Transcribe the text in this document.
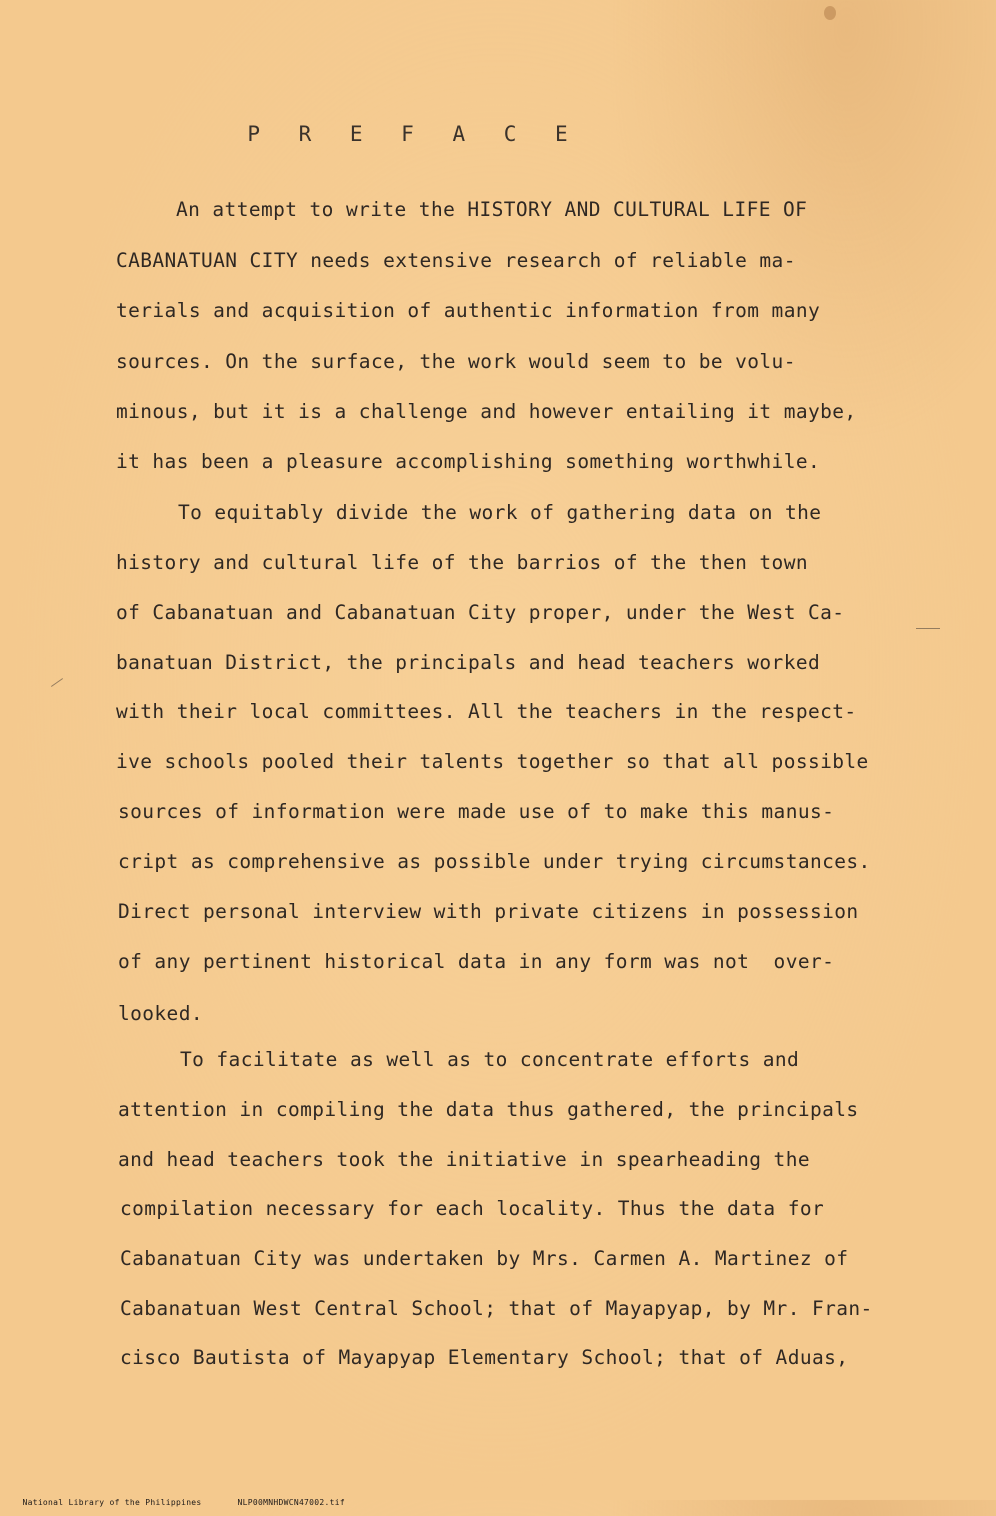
P R E F A C E
An attempt to write the HISTORY AND CULTURAL LIFE OF
CABANATUAN CITY needs extensive research of reliable ma-
terials and acquisition of authentic information from many
sources. On the surface, the work would seem to be volu-
minous, but it is a challenge and however entailing it maybe,
it has been a pleasure accomplishing something worthwhile.
To equitably divide the work of gathering data on the
history and cultural life of the barrios of the then town
of Cabanatuan and Cabanatuan City proper, under the West Ca-
banatuan District, the principals and head teachers worked
with their local committees. All the teachers in the respect-
ive schools pooled their talents together so that all possible
sources of information were made use of to make this manus-
cript as comprehensive as possible under trying circumstances.
Direct personal interview with private citizens in possession
of any pertinent historical data in any form was not  over-
looked.
To facilitate as well as to concentrate efforts and
attention in compiling the data thus gathered, the principals
and head teachers took the initiative in spearheading the
compilation necessary for each locality. Thus the data for
Cabanatuan City was undertaken by Mrs. Carmen A. Martinez of
Cabanatuan West Central School; that of Mayapyap, by Mr. Fran-
cisco Bautista of Mayapyap Elementary School; that of Aduas,

National Library of the Philippines	NLP00MNHDWCN47002.tif
